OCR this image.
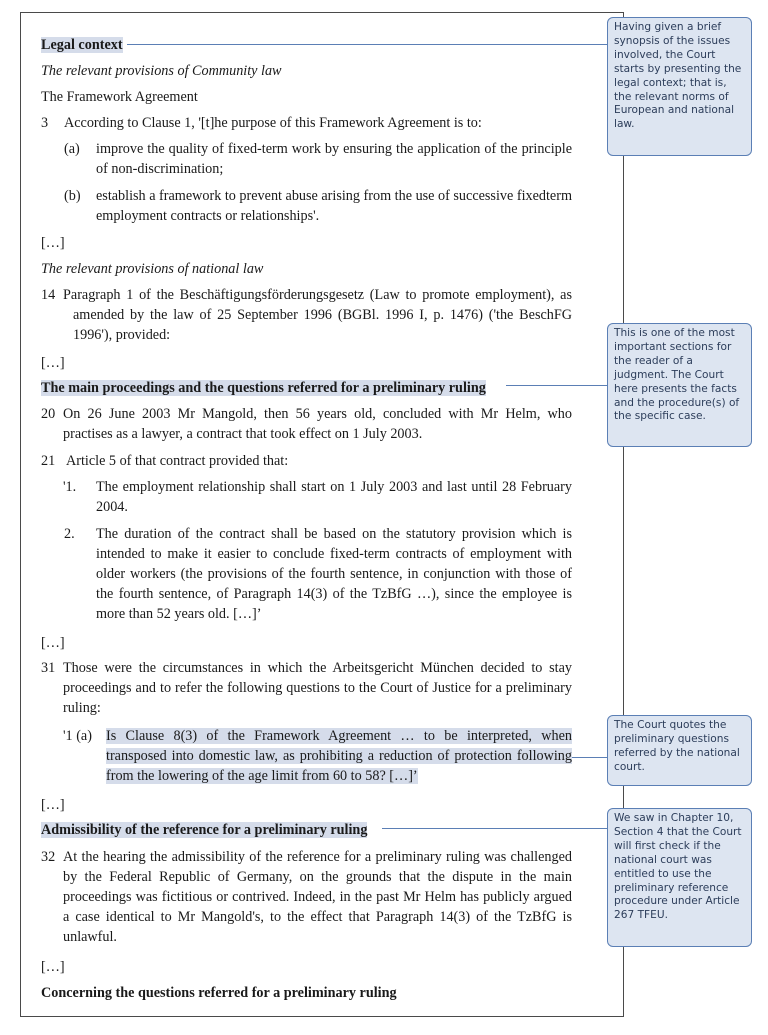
Legal context
The relevant provisions of Community law
The Framework Agreement
3 According to Clause 1, '[t]he purpose of this Framework Agreement is to:
(a) improve the quality of fixed-term work by ensuring the application of the principle of non-discrimination;
(b) establish a framework to prevent abuse arising from the use of successive fixedterm employment contracts or relationships'.
[…]
The relevant provisions of national law
14 Paragraph 1 of the Beschäftigungsförderungsgesetz (Law to promote employment), as amended by the law of 25 September 1996 (BGBl. 1996 I, p. 1476) ('the BeschFG 1996'), provided:
[…]
The main proceedings and the questions referred for a preliminary ruling
20 On 26 June 2003 Mr Mangold, then 56 years old, concluded with Mr Helm, who practises as a lawyer, a contract that took effect on 1 July 2003.
21 Article 5 of that contract provided that:
'1. The employment relationship shall start on 1 July 2003 and last until 28 February 2004.
2. The duration of the contract shall be based on the statutory provision which is intended to make it easier to conclude fixed-term contracts of employment with older workers (the provisions of the fourth sentence, in conjunction with those of the fourth sentence, of Paragraph 14(3) of the TzBfG …), since the employee is more than 52 years old. […]’
[…]
31 Those were the circumstances in which the Arbeitsgericht München decided to stay proceedings and to refer the following questions to the Court of Justice for a preliminary ruling:
'1 (a) Is Clause 8(3) of the Framework Agreement … to be interpreted, when transposed into domestic law, as prohibiting a reduction of protection following from the lowering of the age limit from 60 to 58? […]’
[…]
Admissibility of the reference for a preliminary ruling
32 At the hearing the admissibility of the reference for a preliminary ruling was challenged by the Federal Republic of Germany, on the grounds that the dispute in the main proceedings was fictitious or contrived. Indeed, in the past Mr Helm has publicly argued a case identical to Mr Mangold's, to the effect that Paragraph 14(3) of the TzBfG is unlawful.
[…]
Concerning the questions referred for a preliminary ruling
Having given a brief synopsis of the issues involved, the Court starts by presenting the legal context; that is, the relevant norms of European and national law.
This is one of the most important sections for the reader of a judgment. The Court here presents the facts and the procedure(s) of the specific case.
The Court quotes the preliminary questions referred by the national court.
We saw in Chapter 10, Section 4 that the Court will first check if the national court was entitled to use the preliminary reference procedure under Article 267 TFEU.
